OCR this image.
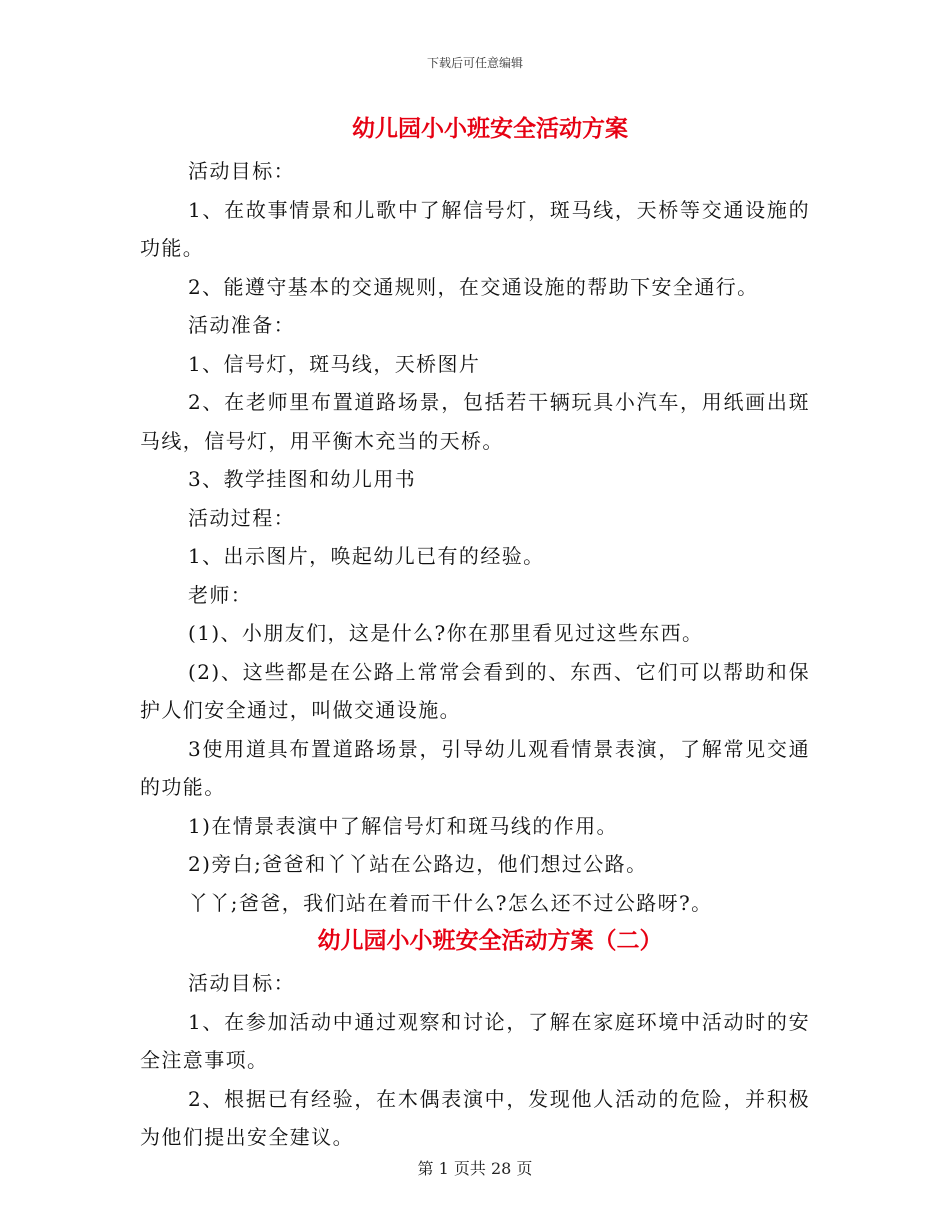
下载后可任意编辑
幼儿园小小班安全活动方案

活动目标：

1、在故事情景和儿歌中了解信号灯，斑马线，天桥等交通设施的功能。

2、能遵守基本的交通规则，在交通设施的帮助下安全通行。

活动准备：

1、信号灯，斑马线，天桥图片

2、在老师里布置道路场景，包括若干辆玩具小汽车，用纸画出斑马线，信号灯，用平衡木充当的天桥。

3、教学挂图和幼儿用书

活动过程：

1、出示图片，唤起幼儿已有的经验。

老师：

(1)、小朋友们，这是什么?你在那里看见过这些东西。

(2)、这些都是在公路上常常会看到的、东西、它们可以帮助和保护人们安全通过，叫做交通设施。

3使用道具布置道路场景，引导幼儿观看情景表演，了解常见交通的功能。

1)在情景表演中了解信号灯和斑马线的作用。

2)旁白;爸爸和丫丫站在公路边，他们想过公路。

丫丫;爸爸，我们站在着而干什么?怎么还不过公路呀?。

幼儿园小小班安全活动方案（二）

活动目标：

1、在参加活动中通过观察和讨论，了解在家庭环境中活动时的安全注意事项。

2、根据已有经验，在木偶表演中，发现他人活动的危险，并积极为他们提出安全建议。

第 1 页共 28 页
